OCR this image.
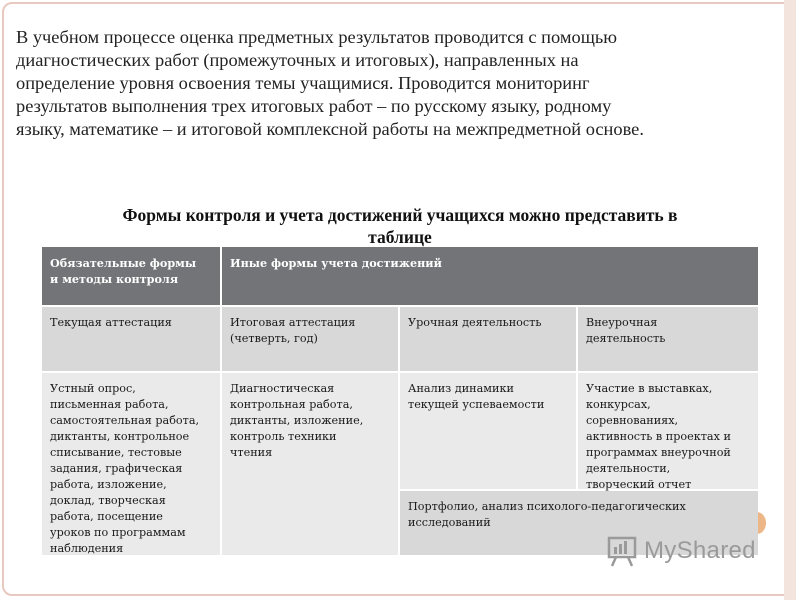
В учебном процессе оценка предметных результатов проводится с помощью
диагностических работ (промежуточных и итоговых), направленных на
определение уровня освоения темы учащимися. Проводится мониторинг
результатов выполнения трех итоговых работ – по русскому языку, родному
языку, математике – и итоговой комплексной работы на межпредметной основе.

Формы контроля и учета достижений учащихся можно представить в
таблице

Обязательные формы
и методы контроля
Иные формы учета достижений
Текущая аттестация	Итоговая аттестация
(четверть, год)
Урочная деятельность	Внеурочная
деятельность
Устный опрос,
письменная работа,
самостоятельная работа,
диктанты, контрольное
списывание, тестовые
задания, графическая
работа, изложение,
доклад, творческая
работа, посещение
уроков по программам
наблюдения
Диагностическая
контрольная работа,
диктанты, изложение,
контроль техники
чтения
Анализ динамики
текущей успеваемости
Участие в выставках,
конкурсах,
соревнованиях,
активность в проектах и
программах внеурочной
деятельности,
творческий отчет
Портфолио, анализ психолого-педагогических
исследований
MyShared
